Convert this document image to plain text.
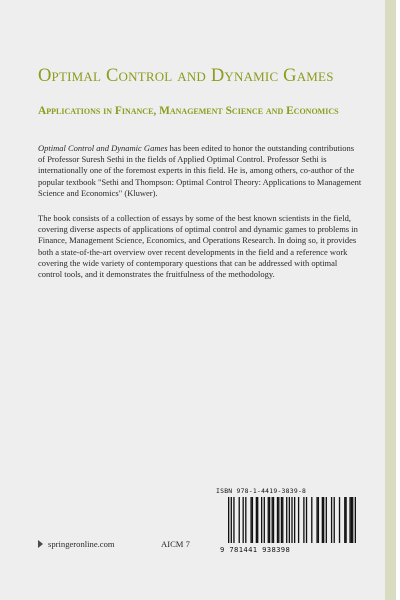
Optimal Control and Dynamic Games
Applications in Finance, Management Science and Economics

Optimal Control and Dynamic Games has been edited to honor the outstanding contributions of Professor Suresh Sethi in the fields of Applied Optimal Control. Professor Sethi is internationally one of the foremost experts in this field. He is, among others, co-author of the popular textbook "Sethi and Thompson: Optimal Control Theory: Applications to Management Science and Economics" (Kluwer).

The book consists of a collection of essays by some of the best known scientists in the field, covering diverse aspects of applications of optimal control and dynamic games to problems in Finance, Management Science, Economics, and Operations Research. In doing so, it provides both a state-of-the-art overview over recent developments in the field and a reference work covering the wide variety of contemporary questions that can be addressed with optimal control tools, and it demonstrates the fruitfulness of the methodology.

ISBN 978-1-4419-3839-8
9 781441 938398
springeronline.com	AICM 7
